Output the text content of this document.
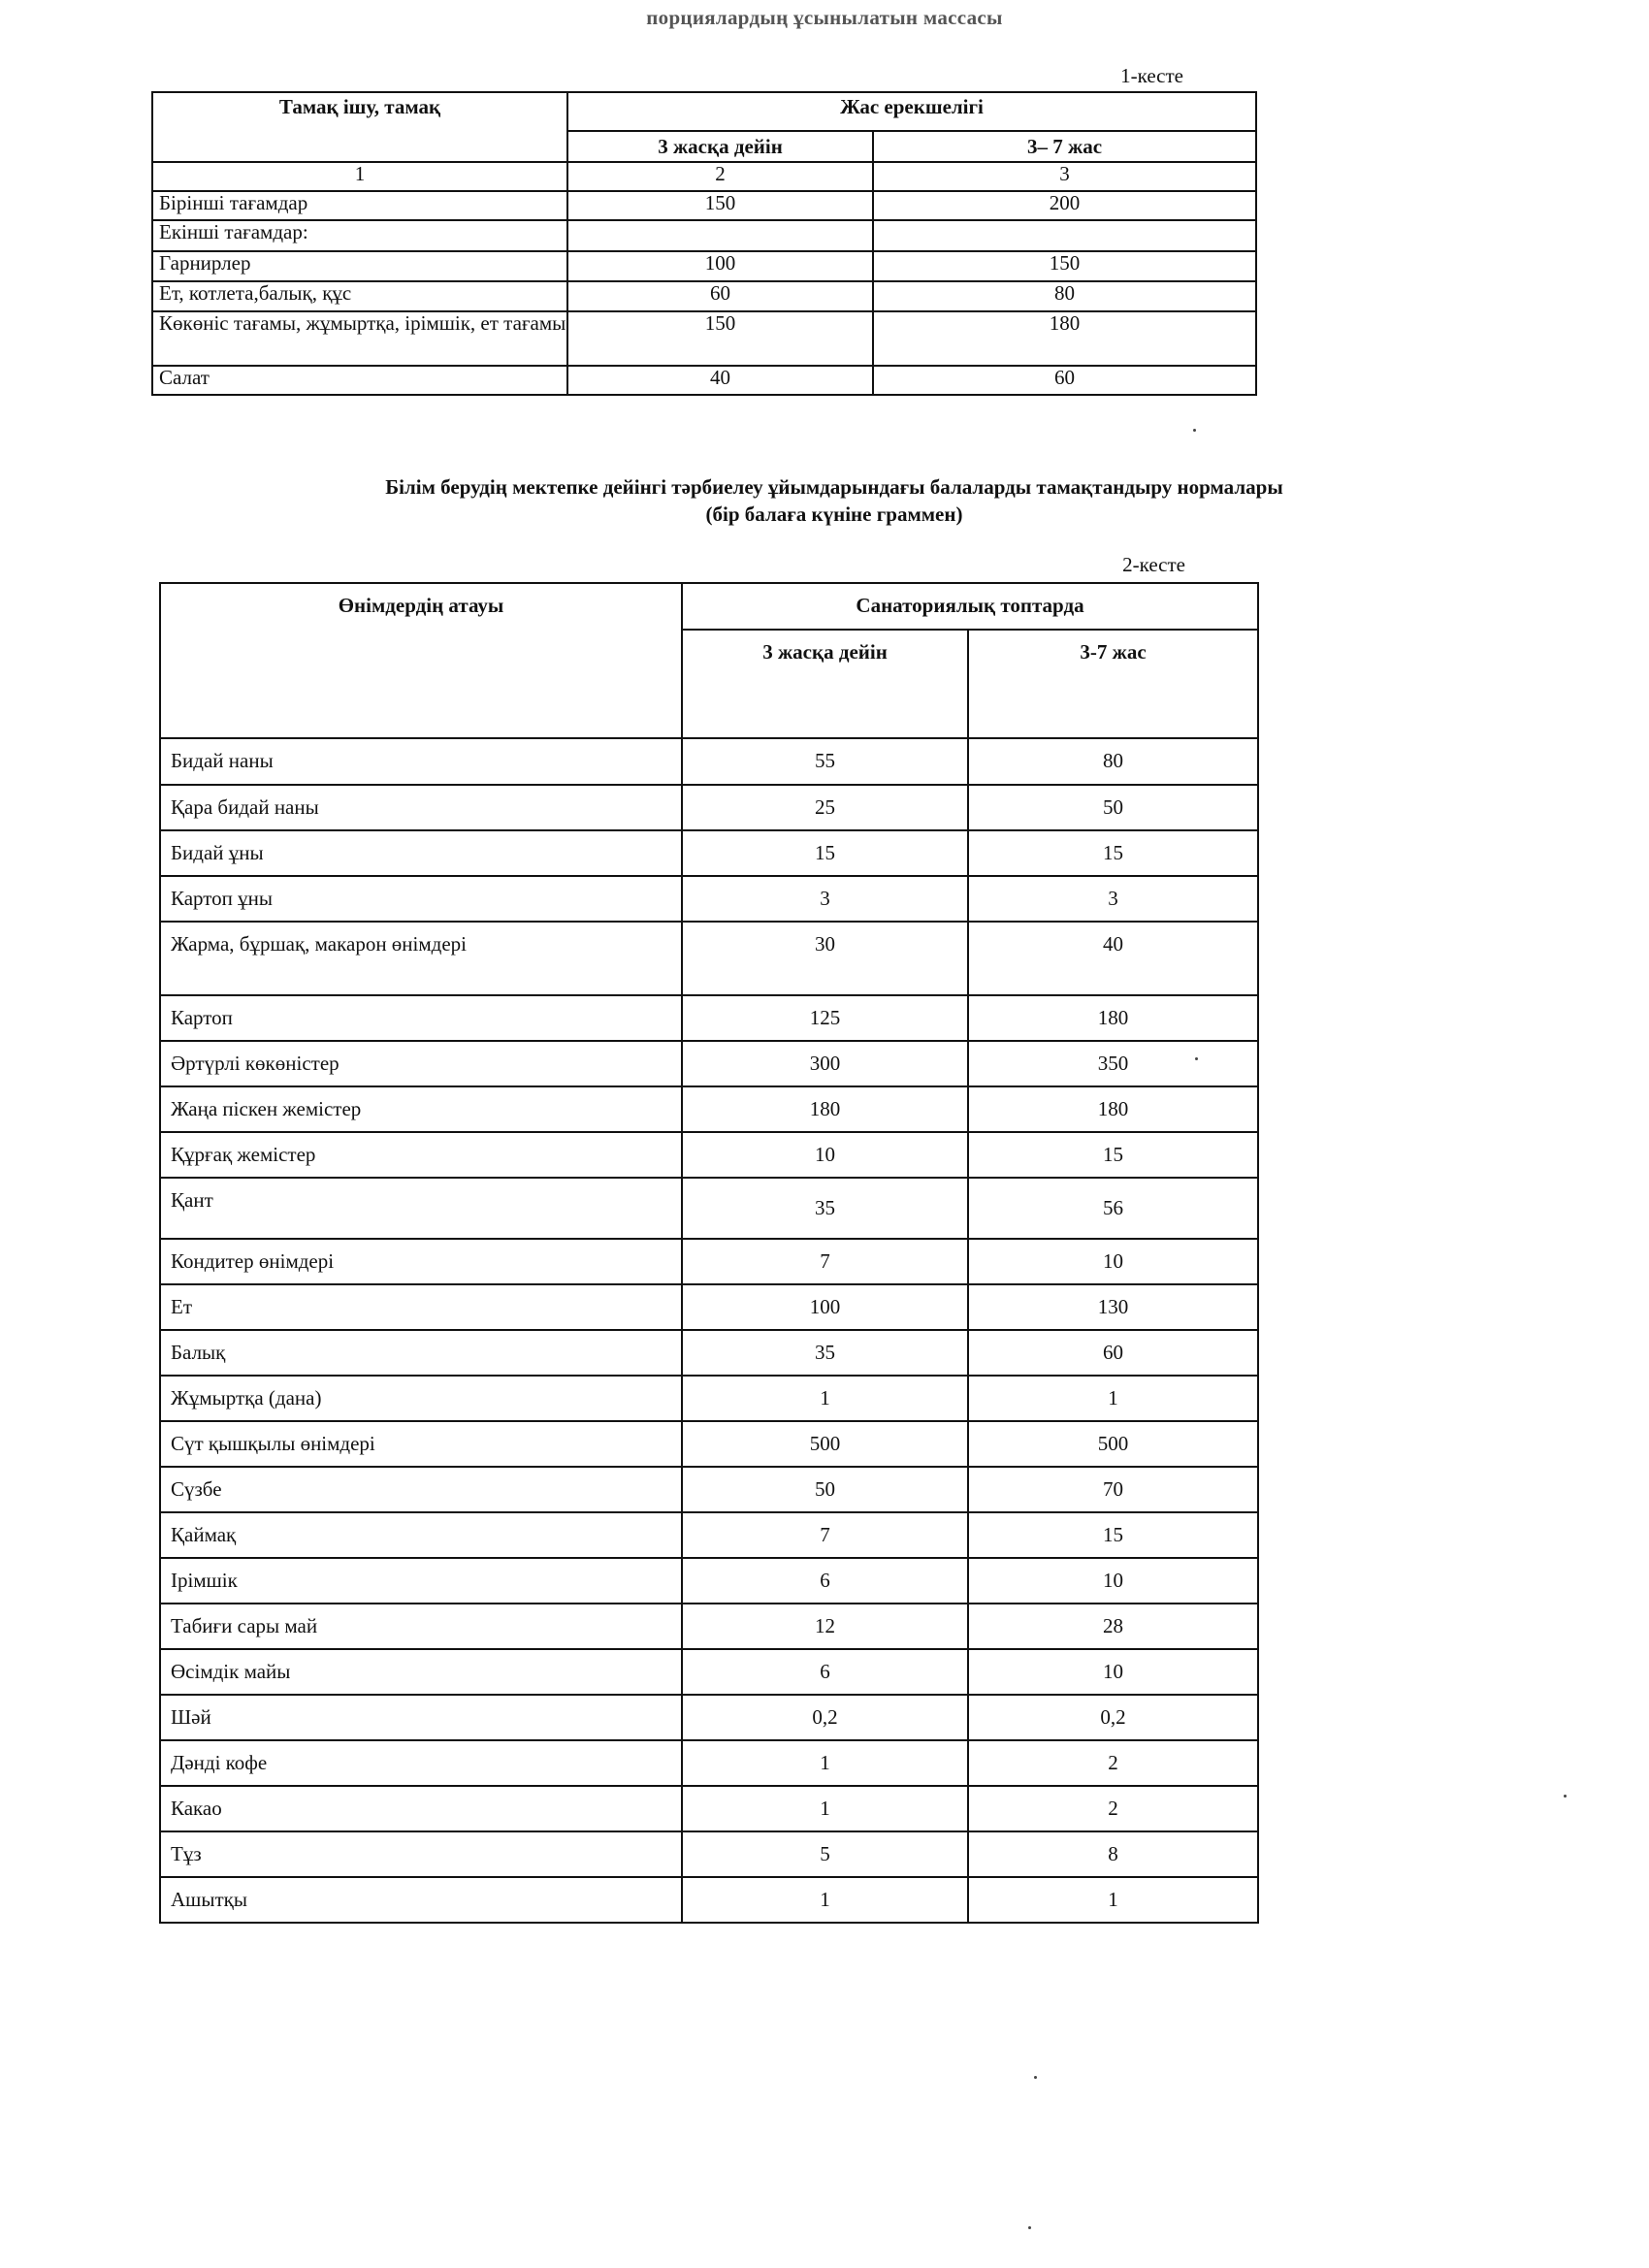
порциялардың ұсынылатын массасы
1-кесте
Тамақ ішу, тамақ	Жас ерекшелігі	
	3 жасқа дейін	3– 7 жас
1	2	3
Бірінші тағамдар	150	200
Екінші тағамдар:		
Гарнирлер	100	150
Ет, котлета,балық, құс	60	80
Көкөніс тағамы, жұмыртқа, ірімшік, ет тағамы	150	180
Салат	40	60
Білім берудің мектепке дейінгі тәрбиелеу ұйымдарындағы балаларды тамақтандыру нормалары
(бір балаға күніне граммен)
2-кесте
Өнімдердің атауы	Санаториялық топтарда	
	3 жасқа дейін	3-7 жас
Бидай наны	55	80
Қара бидай наны	25	50
Бидай ұны	15	15
Картоп ұны	3	3
Жарма, бұршақ, макарон өнімдері	30	40
Картоп	125	180
Әртүрлі көкөністер	300	350
Жаңа піскен жемістер	180	180
Құрғақ жемістер	10	15
Қант	35	56
Кондитер өнімдері	7	10
Ет	100	130
Балық	35	60
Жұмыртқа (дана)	1	1
Сүт қышқылы өнімдері	500	500
Сүзбе	50	70
Қаймақ	7	15
Ірімшік	6	10
Табиғи сары май	12	28
Өсімдік майы	6	10
Шәй	0,2	0,2
Дәнді кофе	1	2
Какао	1	2
Тұз	5	8
Ашытқы	1	1
